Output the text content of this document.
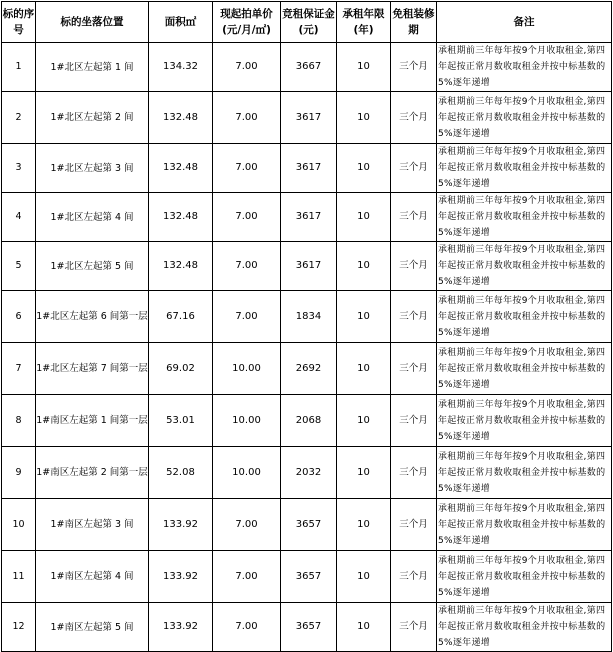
标的序号	标的坐落位置	面积㎡	现起拍单价(元/月/㎡)	竞租保证金(元)	承租年限(年)	免租装修期	备注
1	1#北区左起第 1 间	134.32	7.00	3667	10	三个月	承租期前三年每年按9个月收取租金,第四年起按正常月数收取租金并按中标基数的5%逐年递增
2	1#北区左起第 2 间	132.48	7.00	3617	10	三个月	承租期前三年每年按9个月收取租金,第四年起按正常月数收取租金并按中标基数的5%逐年递增
3	1#北区左起第 3 间	132.48	7.00	3617	10	三个月	承租期前三年每年按9个月收取租金,第四年起按正常月数收取租金并按中标基数的5%逐年递增
4	1#北区左起第 4 间	132.48	7.00	3617	10	三个月	承租期前三年每年按9个月收取租金,第四年起按正常月数收取租金并按中标基数的5%逐年递增
5	1#北区左起第 5 间	132.48	7.00	3617	10	三个月	承租期前三年每年按9个月收取租金,第四年起按正常月数收取租金并按中标基数的5%逐年递增
6	1#北区左起第 6 间第一层	67.16	7.00	1834	10	三个月	承租期前三年每年按9个月收取租金,第四年起按正常月数收取租金并按中标基数的5%逐年递增
7	1#北区左起第 7 间第一层	69.02	10.00	2692	10	三个月	承租期前三年每年按9个月收取租金,第四年起按正常月数收取租金并按中标基数的5%逐年递增
8	1#南区左起第 1 间第一层	53.01	10.00	2068	10	三个月	承租期前三年每年按9个月收取租金,第四年起按正常月数收取租金并按中标基数的5%逐年递增
9	1#南区左起第 2 间第一层	52.08	10.00	2032	10	三个月	承租期前三年每年按9个月收取租金,第四年起按正常月数收取租金并按中标基数的5%逐年递增
10	1#南区左起第 3 间	133.92	7.00	3657	10	三个月	承租期前三年每年按9个月收取租金,第四年起按正常月数收取租金并按中标基数的5%逐年递增
11	1#南区左起第 4 间	133.92	7.00	3657	10	三个月	承租期前三年每年按9个月收取租金,第四年起按正常月数收取租金并按中标基数的5%逐年递增
12	1#南区左起第 5 间	133.92	7.00	3657	10	三个月	承租期前三年每年按9个月收取租金,第四年起按正常月数收取租金并按中标基数的5%逐年递增
